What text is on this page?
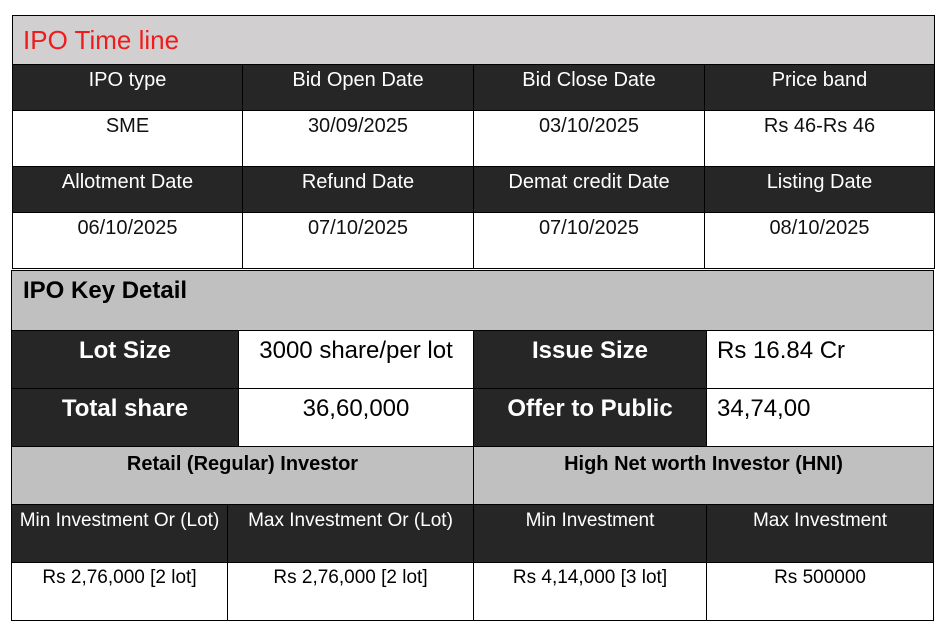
IPO Time line			
IPO type	Bid Open Date	Bid Close Date	Price band
SME	30/09/2025	03/10/2025	Rs 46-Rs 46
Allotment Date	Refund Date	Demat credit Date	Listing Date
06/10/2025	07/10/2025	07/10/2025	08/10/2025
IPO Key Detail				
Lot Size		3000 share/per lot	Issue Size	Rs 16.84 Cr
Total share		36,60,000	Offer to Public	34,74,00
Retail (Regular) Investor			High Net worth Investor (HNI)	
Min Investment Or (Lot)	Max Investment Or (Lot)		Min Investment	Max Investment
Rs 2,76,000 [2 lot]	Rs 2,76,000 [2 lot]		Rs 4,14,000 [3 lot]	Rs 500000
